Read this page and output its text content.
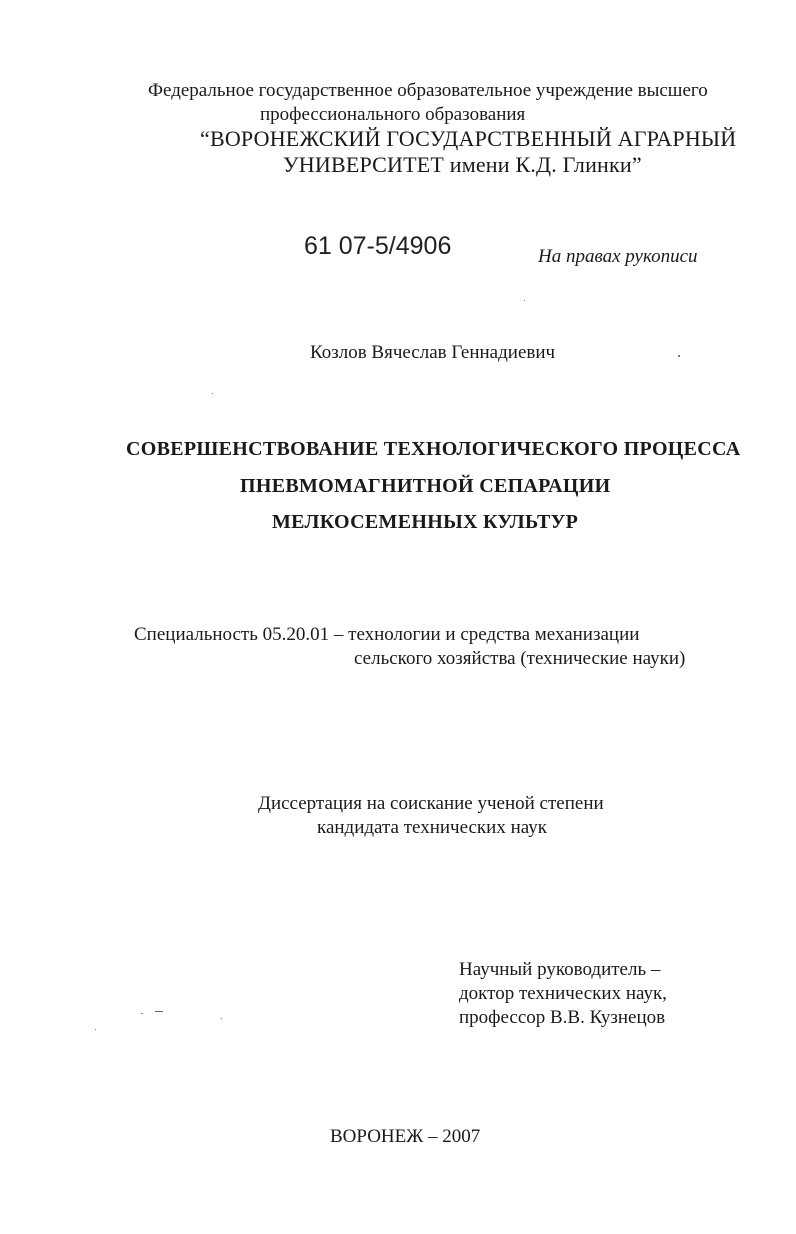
Федеральное государственное образовательное учреждение высшего
профессионального образования
“ВОРОНЕЖСКИЙ ГОСУДАРСТВЕННЫЙ АГРАРНЫЙ
УНИВЕРСИТЕТ имени К.Д. Глинки”
61 07-5/4906	На правах рукописи
Козлов Вячеслав Геннадиевич
СОВЕРШЕНСТВОВАНИЕ ТЕХНОЛОГИЧЕСКОГО ПРОЦЕССА
ПНЕВМОМАГНИТНОЙ СЕПАРАЦИИ
МЕЛКОСЕМЕННЫХ КУЛЬТУР
Специальность 05.20.01 – технологии и средства механизации
сельского хозяйства (технические науки)
Диссертация на соискание ученой степени
кандидата технических наук
Научный руководитель –
доктор технических наук,
профессор В.В. Кузнецов
ВОРОНЕЖ – 2007
